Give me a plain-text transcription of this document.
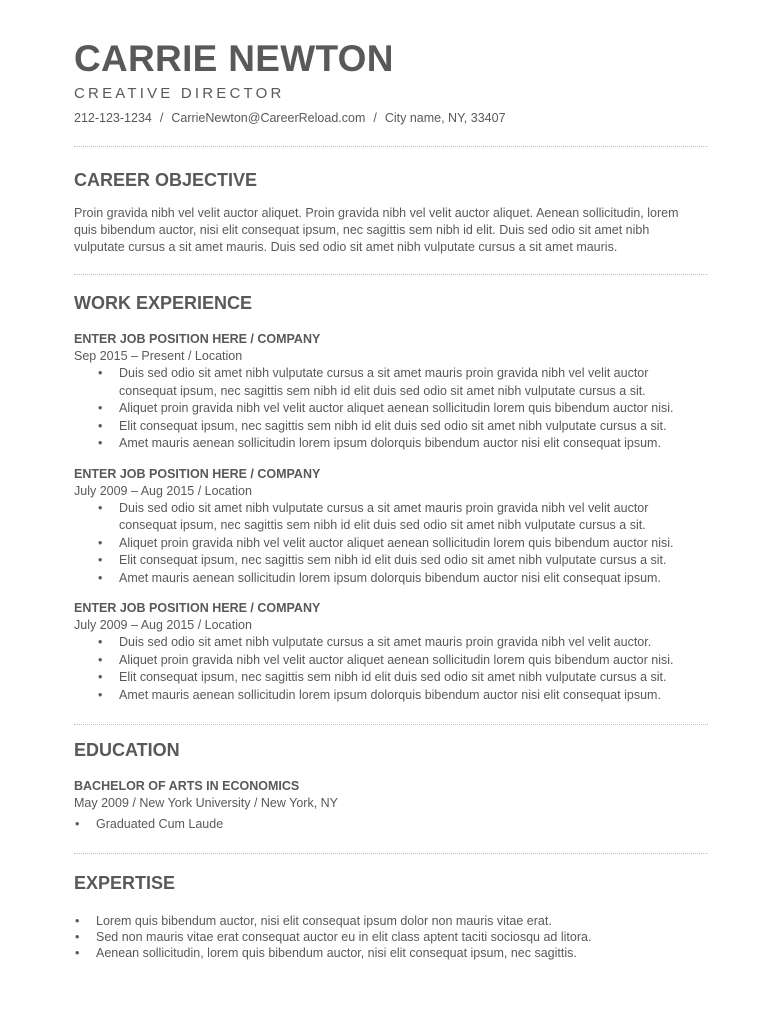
CARRIE NEWTON
CREATIVE DIRECTOR
212-123-1234 / CarrieNewton@CareerReload.com / City name, NY, 33407
CAREER OBJECTIVE

Proin gravida nibh vel velit auctor aliquet. Proin gravida nibh vel velit auctor aliquet. Aenean sollicitudin, lorem

quis bibendum auctor, nisi elit consequat ipsum, nec sagittis sem nibh id elit. Duis sed odio sit amet nibh

vulputate cursus a sit amet mauris. Duis sed odio sit amet nibh vulputate cursus a sit amet mauris.

WORK EXPERIENCE

ENTER JOB POSITION HERE / COMPANY

Sep 2015 – Present / Location

• Duis sed odio sit amet nibh vulputate cursus a sit amet mauris proin gravida nibh vel velit auctor
consequat ipsum, nec sagittis sem nibh id elit duis sed odio sit amet nibh vulputate cursus a sit.
• Aliquet proin gravida nibh vel velit auctor aliquet aenean sollicitudin lorem quis bibendum auctor nisi.
• Elit consequat ipsum, nec sagittis sem nibh id elit duis sed odio sit amet nibh vulputate cursus a sit.
• Amet mauris aenean sollicitudin lorem ipsum dolorquis bibendum auctor nisi elit consequat ipsum.

ENTER JOB POSITION HERE / COMPANY

July 2009 – Aug 2015 / Location

• Duis sed odio sit amet nibh vulputate cursus a sit amet mauris proin gravida nibh vel velit auctor
consequat ipsum, nec sagittis sem nibh id elit duis sed odio sit amet nibh vulputate cursus a sit.
• Aliquet proin gravida nibh vel velit auctor aliquet aenean sollicitudin lorem quis bibendum auctor nisi.
• Elit consequat ipsum, nec sagittis sem nibh id elit duis sed odio sit amet nibh vulputate cursus a sit.
• Amet mauris aenean sollicitudin lorem ipsum dolorquis bibendum auctor nisi elit consequat ipsum.

ENTER JOB POSITION HERE / COMPANY

July 2009 – Aug 2015 / Location

• Duis sed odio sit amet nibh vulputate cursus a sit amet mauris proin gravida nibh vel velit auctor.
• Aliquet proin gravida nibh vel velit auctor aliquet aenean sollicitudin lorem quis bibendum auctor nisi.
• Elit consequat ipsum, nec sagittis sem nibh id elit duis sed odio sit amet nibh vulputate cursus a sit.
• Amet mauris aenean sollicitudin lorem ipsum dolorquis bibendum auctor nisi elit consequat ipsum.
EDUCATION

BACHELOR OF ARTS IN ECONOMICS

May 2009 / New York University / New York, NY

• Graduated Cum Laude
EXPERTISE
• Lorem quis bibendum auctor, nisi elit consequat ipsum dolor non mauris vitae erat.
• Sed non mauris vitae erat consequat auctor eu in elit class aptent taciti sociosqu ad litora.
• Aenean sollicitudin, lorem quis bibendum auctor, nisi elit consequat ipsum, nec sagittis.
